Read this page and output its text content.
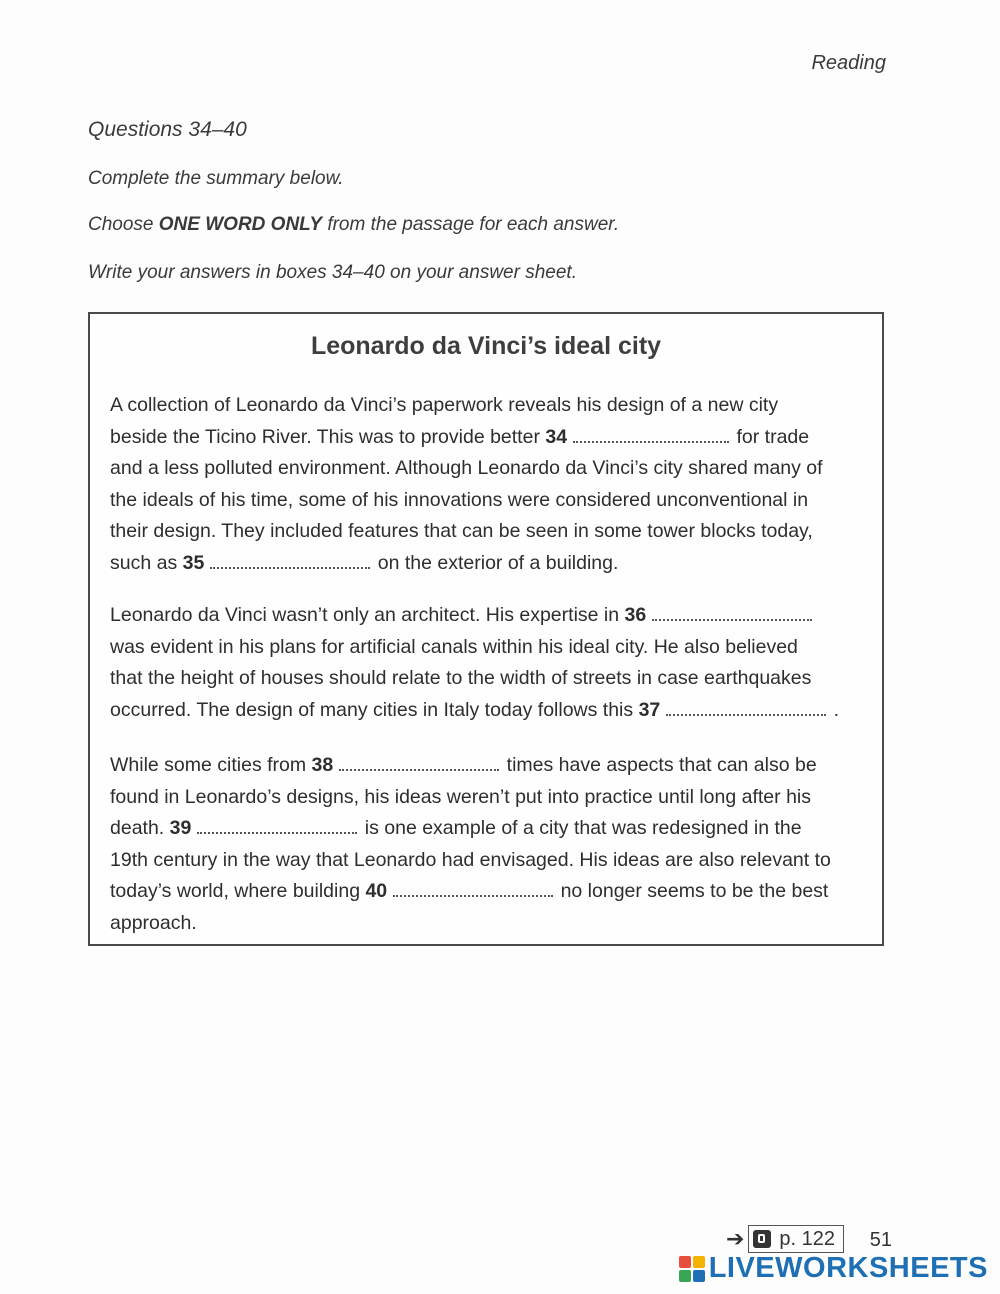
Reading
Questions 34–40
Complete the summary below.
Choose ONE WORD ONLY from the passage for each answer.
Write your answers in boxes 34–40 on your answer sheet.
Leonardo da Vinci’s ideal city
A collection of Leonardo da Vinci’s paperwork reveals his design of a new city
beside the Ticino River. This was to provide better 34	for trade
and a less polluted environment. Although Leonardo da Vinci’s city shared many of
the ideals of his time, some of his innovations were considered unconventional in
their design. They included features that can be seen in some tower blocks today,
such as 35	on the exterior of a building.
Leonardo da Vinci wasn’t only an architect. His expertise in 36
was evident in his plans for artificial canals within his ideal city. He also believed
that the height of houses should relate to the width of streets in case earthquakes
occurred. The design of many cities in Italy today follows this 37	.
While some cities from 38	times have aspects that can also be
found in Leonardo’s designs, his ideas weren’t put into practice until long after his
death. 39	is one example of a city that was redesigned in the
19th century in the way that Leonardo had envisaged. His ideas are also relevant to
today’s world, where building 40	no longer seems to be the best
approach.
➔ p. 122 51
LIVEWORKSHEETS
